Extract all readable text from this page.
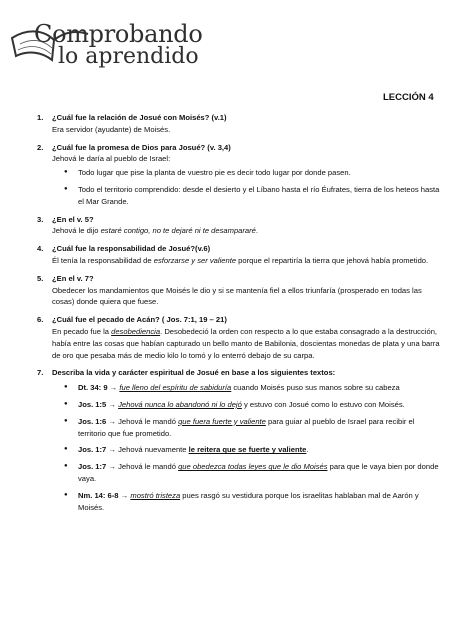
Comprobando
lo aprendido
LECCIÓN 4
1. ¿Cuál fue la relación de Josué con Moisés? (v.1)
Era servidor (ayudante) de Moisés.
2. ¿Cuál fue la promesa de Dios para Josué? (v. 3,4)
Jehová le daría al pueblo de Israel:
● Todo lugar que pise la planta de vuestro pie es decir todo lugar por donde pasen.
● Todo el territorio comprendido: desde el desierto y el Líbano hasta el río Éufrates, tierra de los heteos hasta el Mar Grande.
3. ¿En el v. 5?
Jehová le dijo estaré contigo, no te dejaré ni te desampararé.
4. ¿Cuál fue la responsabilidad de Josué?(v.6)
Él tenía la responsabilidad de esforzarse y ser valiente porque el repartiría la tierra que jehová había prometido.
5. ¿En el v. 7?
Obedecer los mandamientos que Moisés le dio y si se mantenía fiel a ellos triunfaría (prosperado en todas las cosas) donde quiera que fuese.
6. ¿Cuál fue el pecado de Acán? ( Jos. 7:1, 19 – 21)
En pecado fue la desobediencia. Desobedeció la orden con respecto a lo que estaba consagrado a la destrucción, había entre las cosas que habían capturado un bello manto de Babilonia, doscientas monedas de plata y una barra de oro que pesaba más de medio kilo lo tomó y lo enterró debajo de su carpa.
7. Describa la vida y carácter espiritual de Josué en base a los siguientes textos:
● Dt. 34: 9 → fue lleno del espíritu de sabiduría cuando Moisés puso sus manos sobre su cabeza
● Jos. 1:5 → Jehová nunca lo abandonó ni lo dejó y estuvo con Josué como lo estuvo con Moisés.
● Jos. 1:6 → Jehová le mandó que fuera fuerte y valiente para guiar al pueblo de Israel para recibir el territorio que fue prometido.
● Jos. 1:7 → Jehová nuevamente le reitera que se fuerte y valiente.
● Jos. 1:7 → Jehová le mandó que obedezca todas leyes que le dio Moisés para que le vaya bien por donde vaya.
● Nm. 14: 6-8 → mostró tristeza pues rasgó su vestidura porque los israelitas hablaban mal de Aarón y Moisés.
